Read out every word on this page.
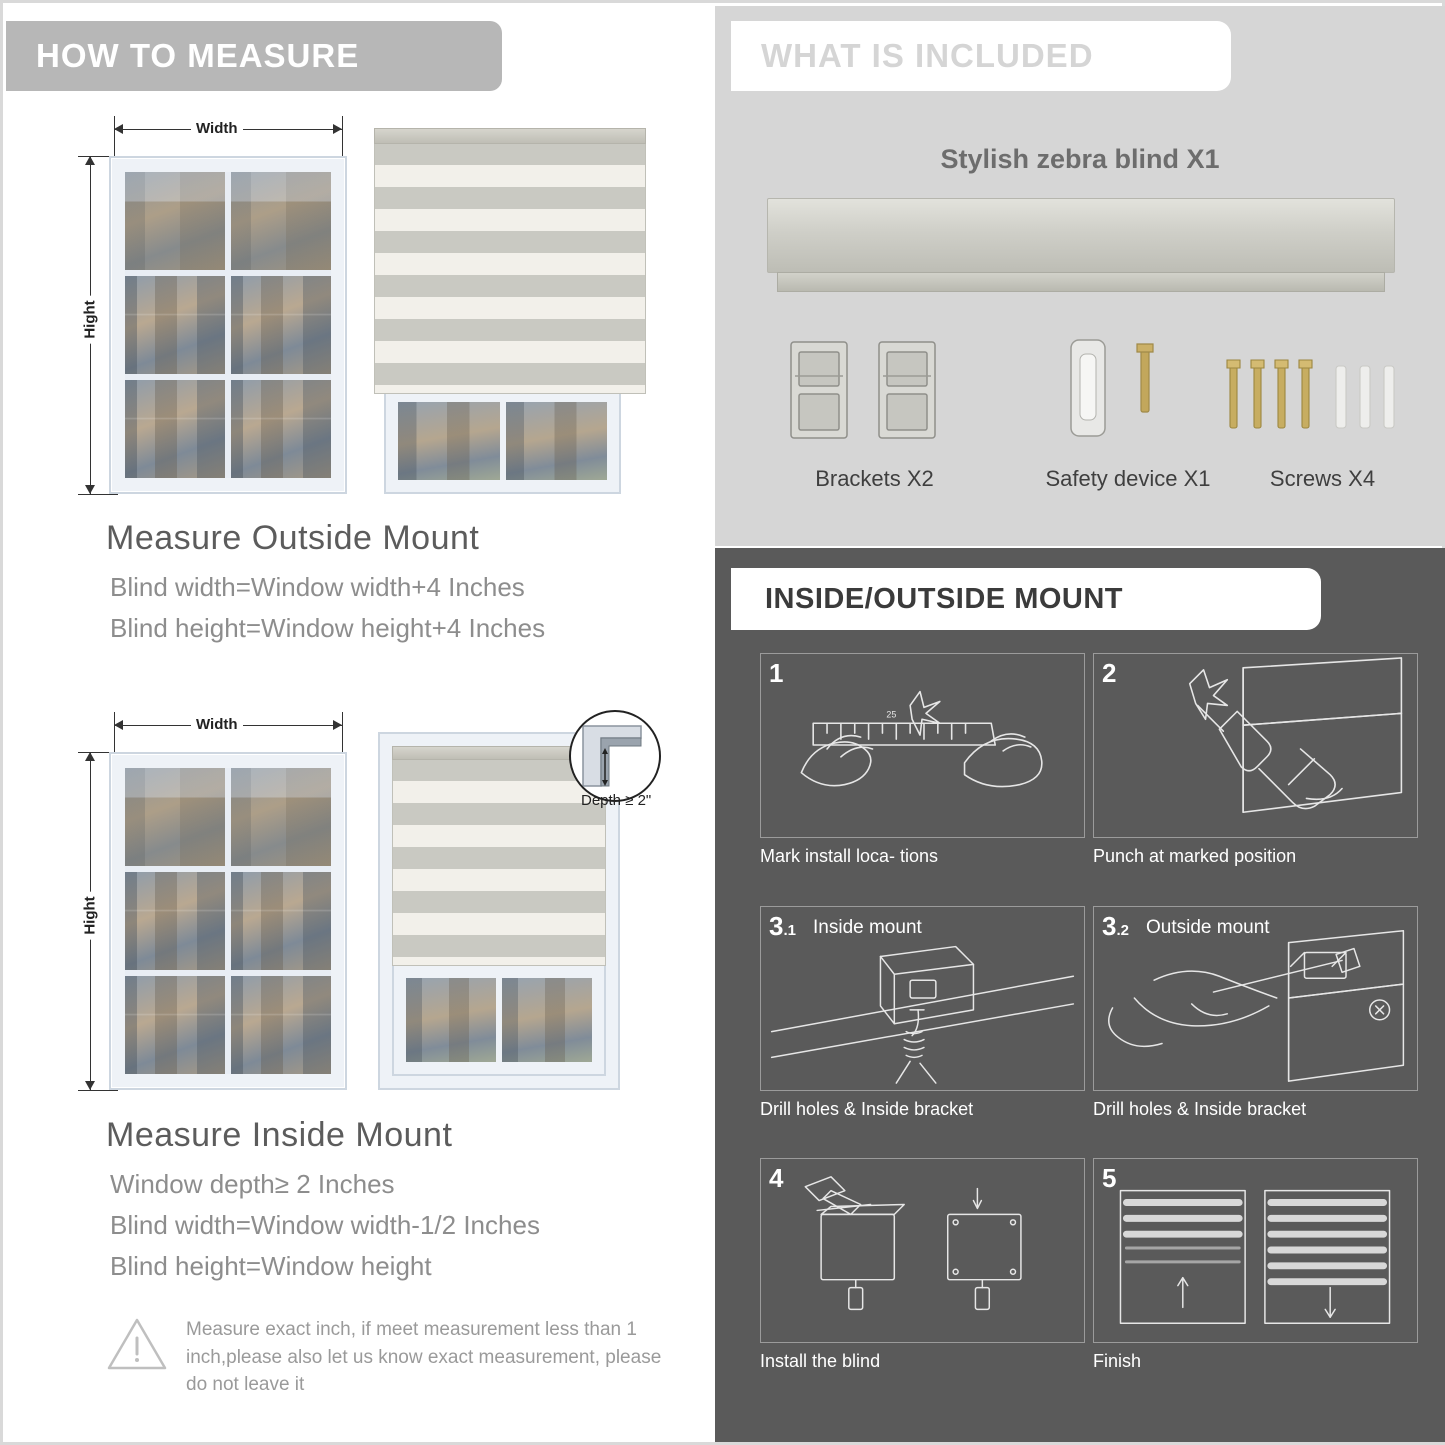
HOW TO MEASURE
Width
Hight
Measure Outside Mount
Blind width=Window width+4 Inches
Blind height=Window height+4 Inches
Width
Hight
Depth ≥ 2"
Measure Inside Mount
Window depth≥ 2 Inches
Blind width=Window width-1/2 Inches
Blind height=Window height
Measure exact inch, if meet measurement less than 1 inch,please also let us know exact measurement, please do not leave it
WHAT IS INCLUDED
Stylish zebra blind X1
Brackets X2	Safety device X1	Screws X4
INSIDE/OUTSIDE MOUNT
1
25
Mark install loca- tions
2
Punch at marked position
3.1 Inside mount
Drill holes & Inside bracket
3.2 Outside mount
Drill holes & Inside bracket
4
Install the blind
5
Finish
